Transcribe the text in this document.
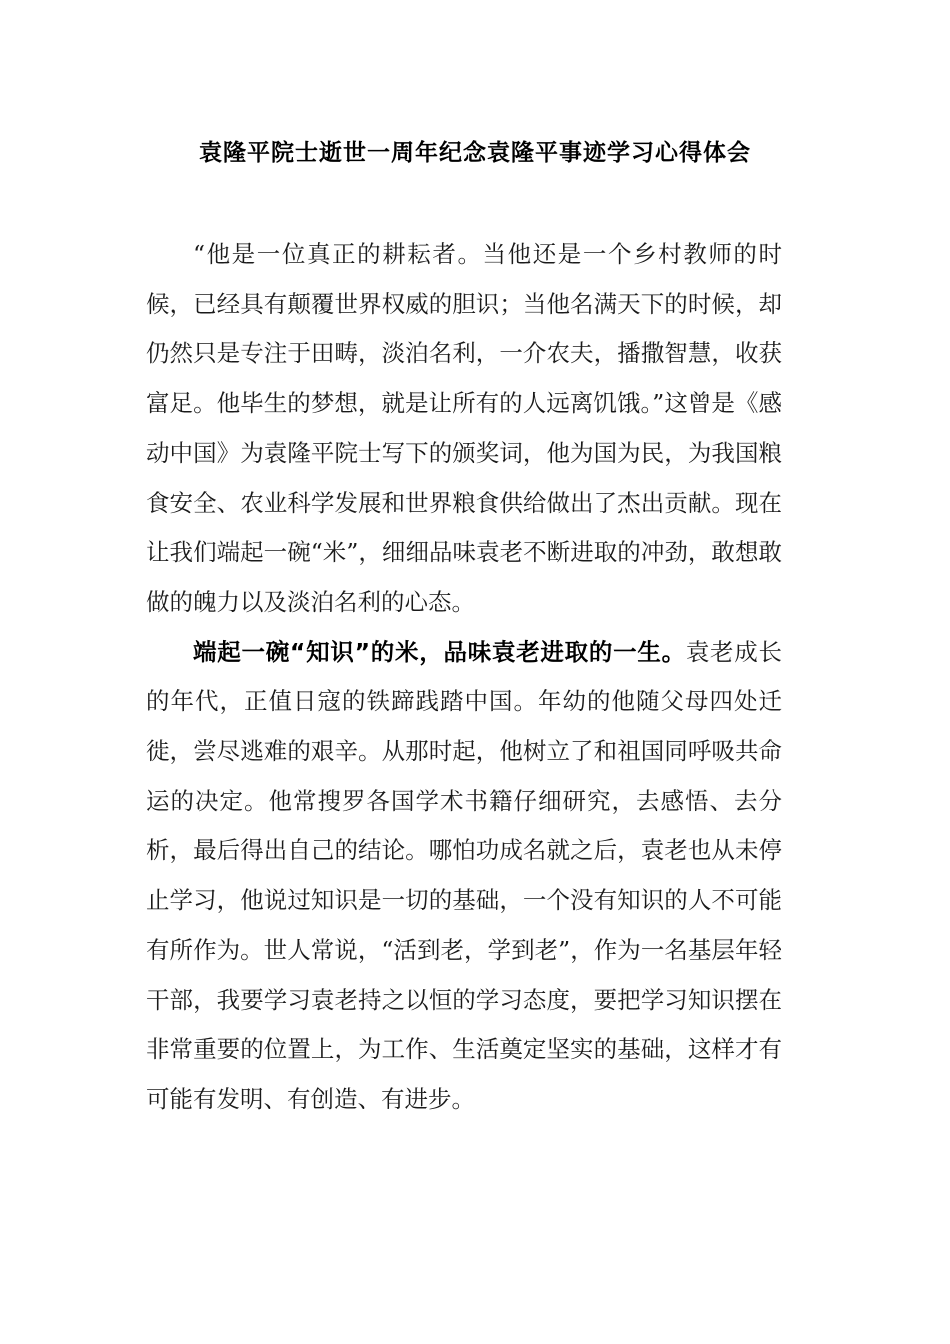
袁隆平院士逝世一周年纪念袁隆平事迹学习心得体会

“他是一位真正的耕耘者。当他还是一个乡村教师的时候，已经具有颠覆世界权威的胆识；当他名满天下的时候，却仍然只是专注于田畴，淡泊名利，一介农夫，播撒智慧，收获富足。他毕生的梦想，就是让所有的人远离饥饿。”这曾是《感动中国》为袁隆平院士写下的颁奖词，他为国为民，为我国粮食安全、农业科学发展和世界粮食供给做出了杰出贡献。现在让我们端起一碗“米”，细细品味袁老不断进取的冲劲，敢想敢做的魄力以及淡泊名利的心态。

端起一碗“知识”的米，品味袁老进取的一生。袁老成长的年代，正值日寇的铁蹄践踏中国。年幼的他随父母四处迁徙，尝尽逃难的艰辛。从那时起，他树立了和祖国同呼吸共命运的决定。他常搜罗各国学术书籍仔细研究，去感悟、去分析，最后得出自己的结论。哪怕功成名就之后，袁老也从未停止学习，他说过知识是一切的基础，一个没有知识的人不可能有所作为。世人常说，“活到老，学到老”，作为一名基层年轻干部，我要学习袁老持之以恒的学习态度，要把学习知识摆在非常重要的位置上，为工作、生活奠定坚实的基础，这样才有可能有发明、有创造、有进步。
